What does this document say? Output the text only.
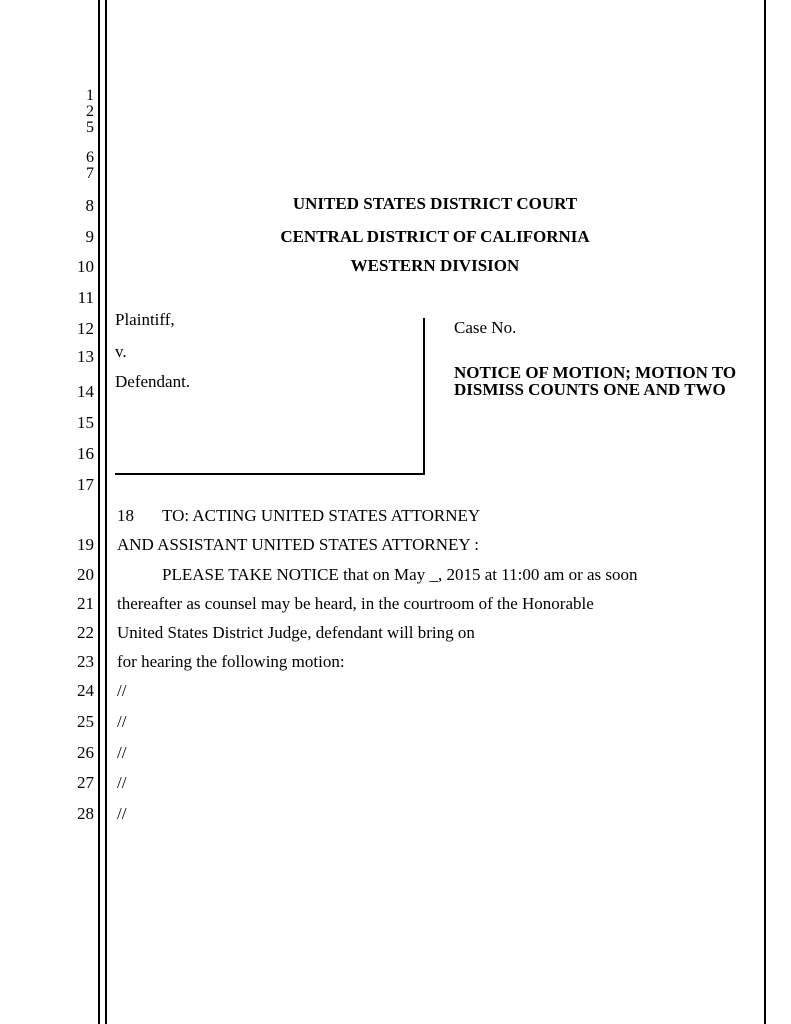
1
2
5
6
7
8
9
10
11
12
13
14
15
16
17
19
20
21
22
23
24
25
26
27
28
UNITED STATES DISTRICT COURT
CENTRAL DISTRICT OF CALIFORNIA
WESTERN DIVISION
Plaintiff,
v.
Defendant.
Case No.
NOTICE OF MOTION; MOTION TO
DISMISS COUNTS ONE AND TWO
18 TO: ACTING UNITED STATES ATTORNEY
AND ASSISTANT UNITED STATES ATTORNEY :
PLEASE TAKE NOTICE that on May _, 2015 at 11:00 am or as soon
thereafter as counsel may be heard, in the courtroom of the Honorable
United States District Judge, defendant will bring on
for hearing the following motion:
//
//
//
//
//
